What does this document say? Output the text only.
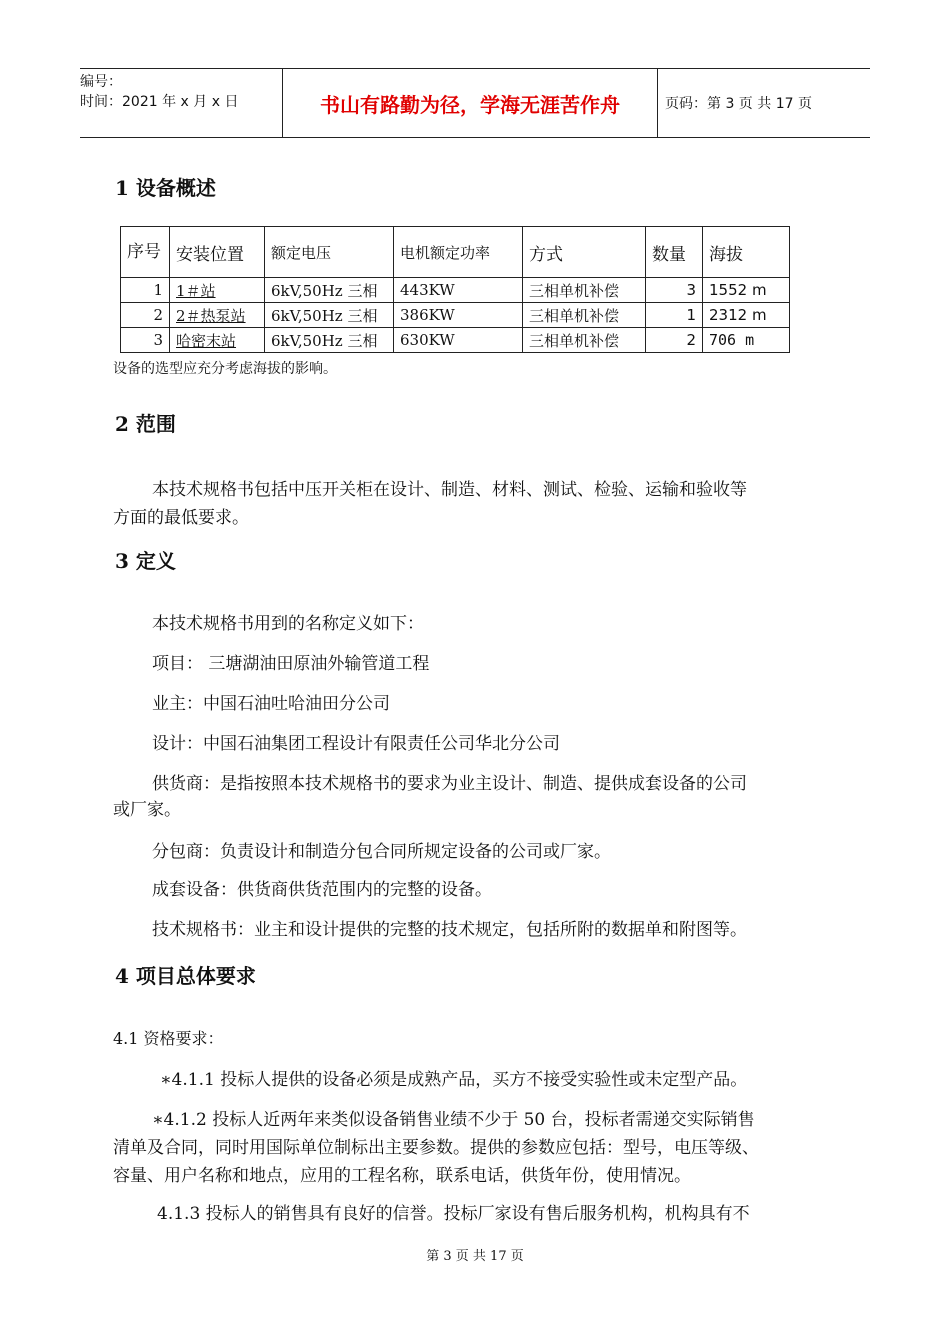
编号：
时间：2021 年 x 月 x 日	书山有路勤为径，学海无涯苦作舟	页码：第 3 页 共 17 页
1 设备概述
序号	安装位置	额定电压	电机额定功率	方式	数量	海拔
1	1＃站	6kV,50Hz 三相	443KW	三相单机补偿	3	1552 m
2	2＃热泵站	6kV,50Hz 三相	386KW	三相单机补偿	1	2312 m
3	哈密末站	6kV,50Hz 三相	630KW	三相单机补偿	2	706 m

设备的选型应充分考虑海拔的影响。

2 范围

本技术规格书包括中压开关柜在设计、制造、材料、测试、检验、运输和验收等

方面的最低要求。

3 定义

本技术规格书用到的名称定义如下：

项目： 三塘湖油田原油外输管道工程

业主：中国石油吐哈油田分公司

设计：中国石油集团工程设计有限责任公司华北分公司

供货商：是指按照本技术规格书的要求为业主设计、制造、提供成套设备的公司

或厂家。

分包商：负责设计和制造分包合同所规定设备的公司或厂家。

成套设备：供货商供货范围内的完整的设备。

技术规格书：业主和设计提供的完整的技术规定，包括所附的数据单和附图等。

4 项目总体要求

4.1 资格要求：

∗4.1.1 投标人提供的设备必须是成熟产品，买方不接受实验性或未定型产品。

∗4.1.2 投标人近两年来类似设备销售业绩不少于 50 台，投标者需递交实际销售

清单及合同，同时用国际单位制标出主要参数。提供的参数应包括：型号，电压等级、

容量、用户名称和地点，应用的工程名称，联系电话，供货年份，使用情况。

4.1.3 投标人的销售具有良好的信誉。投标厂家设有售后服务机构，机构具有不

第 3 页 共 17 页
